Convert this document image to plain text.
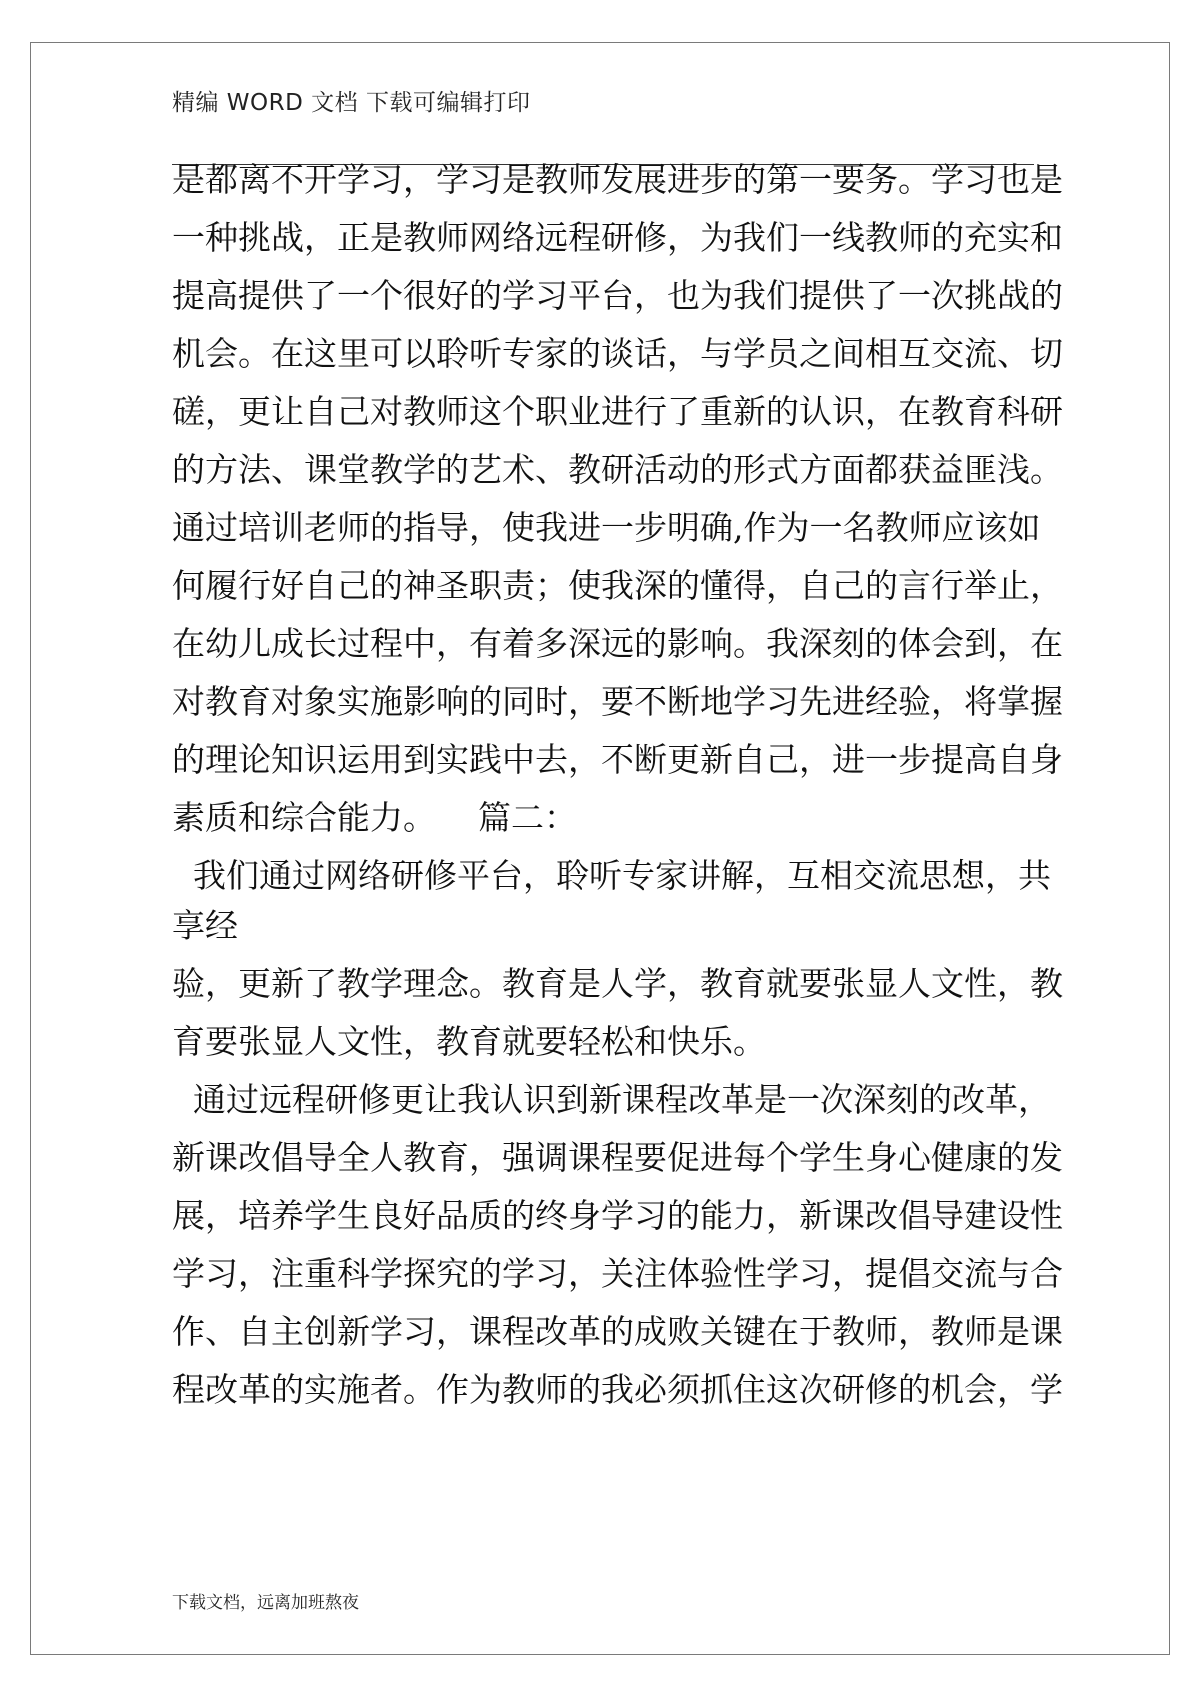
精编 WORD 文档 下载可编辑打印
是都离不开学习，学习是教师发展进步的第一要务。学习也是
一种挑战，正是教师网络远程研修，为我们一线教师的充实和
提高提供了一个很好的学习平台，也为我们提供了一次挑战的
机会。在这里可以聆听专家的谈话，与学员之间相互交流、切
磋，更让自己对教师这个职业进行了重新的认识，在教育科研
的方法、课堂教学的艺术、教研活动的形式方面都获益匪浅。
通过培训老师的指导，使我进一步明确,作为一名教师应该如
何履行好自己的神圣职责；使我深的懂得，自己的言行举止，
在幼儿成长过程中，有着多深远的影响。我深刻的体会到，在
对教育对象实施影响的同时，要不断地学习先进经验，将掌握
的理论知识运用到实践中去，不断更新自己，进一步提高自身
素质和综合能力。    篇二：
我们通过网络研修平台，聆听专家讲解，互相交流思想，共
享经
验，更新了教学理念。教育是人学，教育就要张显人文性，教
育要张显人文性，教育就要轻松和快乐。
通过远程研修更让我认识到新课程改革是一次深刻的改革，
新课改倡导全人教育，强调课程要促进每个学生身心健康的发
展，培养学生良好品质的终身学习的能力，新课改倡导建设性
学习，注重科学探究的学习，关注体验性学习，提倡交流与合
作、自主创新学习，课程改革的成败关键在于教师，教师是课
程改革的实施者。作为教师的我必须抓住这次研修的机会，学
下载文档，远离加班熬夜
